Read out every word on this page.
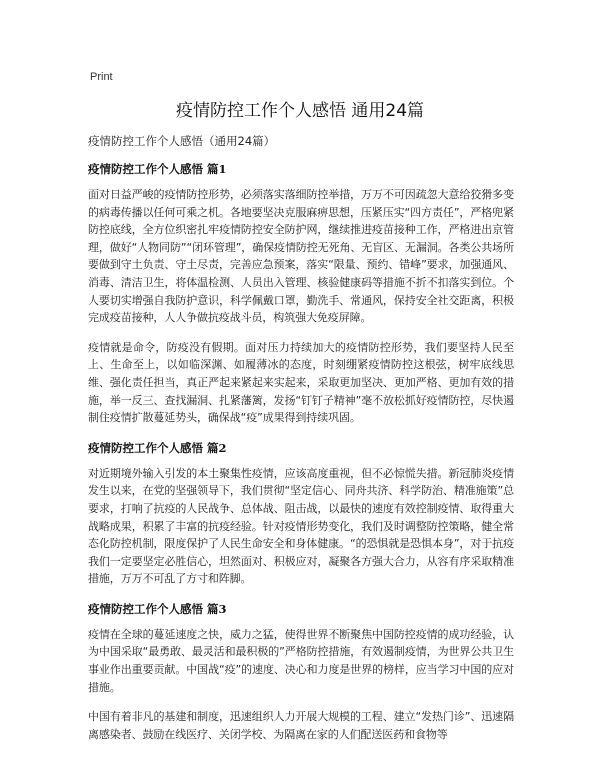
Print
疫情防控工作个人感悟 通用24篇

疫情防控工作个人感悟（通用24篇）

疫情防控工作个人感悟 篇1

面对日益严峻的疫情防控形势，必须落实落细防控举措，万万不可因疏忽大意给狡猾多变的病毒传播以任何可乘之机。各地要坚决克服麻痹思想，压紧压实“四方责任”，严格兜紧防控底线，全方位织密扎牢疫情防控安全防护网，继续推进疫苗接种工作，严格进出京管理，做好“人物同防”“闭环管理”，确保疫情防控无死角、无盲区、无漏洞。各类公共场所要做到守土负责、守土尽责，完善应急预案，落实“限量、预约、错峰”要求，加强通风、消毒、清洁卫生，将体温检测、人员出入管理、核验健康码等措施不折不扣落实到位。个人要切实增强自我防护意识，科学佩戴口罩，勤洗手、常通风，保持安全社交距离，积极完成疫苗接种，人人争做抗疫战斗员，构筑强大免疫屏障。

疫情就是命令，防疫没有假期。面对压力持续加大的疫情防控形势，我们要坚持人民至上、生命至上，以如临深渊、如履薄冰的态度，时刻绷紧疫情防控这根弦，树牢底线思维、强化责任担当，真正严起来紧起来实起来，采取更加坚决、更加严格、更加有效的措施，举一反三、查找漏洞、扎紧藩篱，发扬“钉钉子精神”毫不放松抓好疫情防控，尽快遏制住疫情扩散蔓延势头，确保战“疫”成果得到持续巩固。

疫情防控工作个人感悟 篇2

对近期境外输入引发的本土聚集性疫情，应该高度重视，但不必惊慌失措。新冠肺炎疫情发生以来，在党的坚强领导下，我们贯彻“坚定信心、同舟共济、科学防治、精准施策”总要求，打响了抗疫的人民战争、总体战、阻击战，以最快的速度有效控制疫情、取得重大战略成果，积累了丰富的抗疫经验。针对疫情形势变化，我们及时调整防控策略，健全常态化防控机制，限度保护了人民生命安全和身体健康。“的恐惧就是恐惧本身”，对于抗疫我们一定要坚定必胜信心，坦然面对、积极应对，凝聚各方强大合力，从容有序采取精准措施，万万不可乱了方寸和阵脚。

疫情防控工作个人感悟 篇3

疫情在全球的蔓延速度之快，威力之猛，使得世界不断聚焦中国防控疫情的成功经验，认为中国采取“最勇敢、最灵活和最积极的”严格防控措施，有效遏制疫情，为世界公共卫生事业作出重要贡献。中国战“疫”的速度、决心和力度是世界的榜样，应当学习中国的应对措施。

中国有着非凡的基建和制度，迅速组织人力开展大规模的工程、建立“发热门诊”、迅速隔离感染者、鼓励在线医疗、关闭学校、为隔离在家的人们配送医药和食物等
